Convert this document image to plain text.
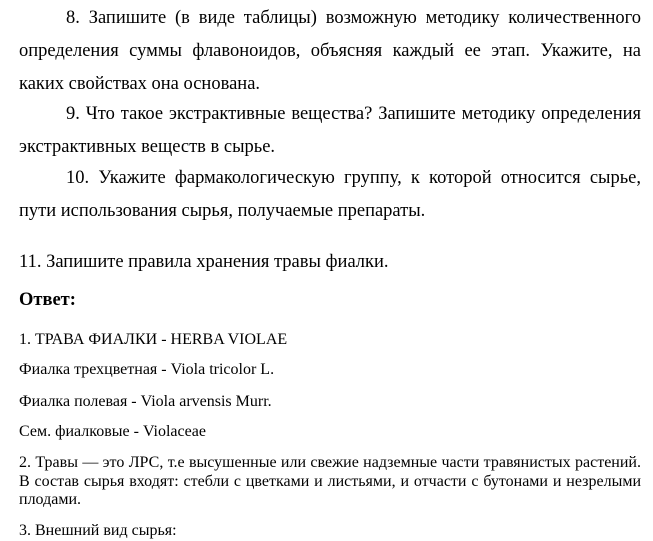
8. Запишите (в виде таблицы) возможную методику количественного определения суммы флавоноидов, объясняя каждый ее этап. Укажите, на каких свойствах она основана.

9. Что такое экстрактивные вещества? Запишите методику определения экстрактивных веществ в сырье.

10. Укажите фармакологическую группу, к которой относится сырье, пути использования сырья, получаемые препараты.

11. Запишите правила хранения травы фиалки.

Ответ:

1. ТРАВА ФИАЛКИ - HERBA VIOLAE

Фиалка трехцветная - Viola tricolor L.

Фиалка полевая - Viola arvensis Murr.

Сем. фиалковые - Violaceae

2. Травы — это ЛРС, т.е высушенные или свежие надземные части травянистых растений. В состав сырья входят: стебли с цветками и листьями, и отчасти с бутонами и незрелыми плодами.

3. Внешний вид сырья:
